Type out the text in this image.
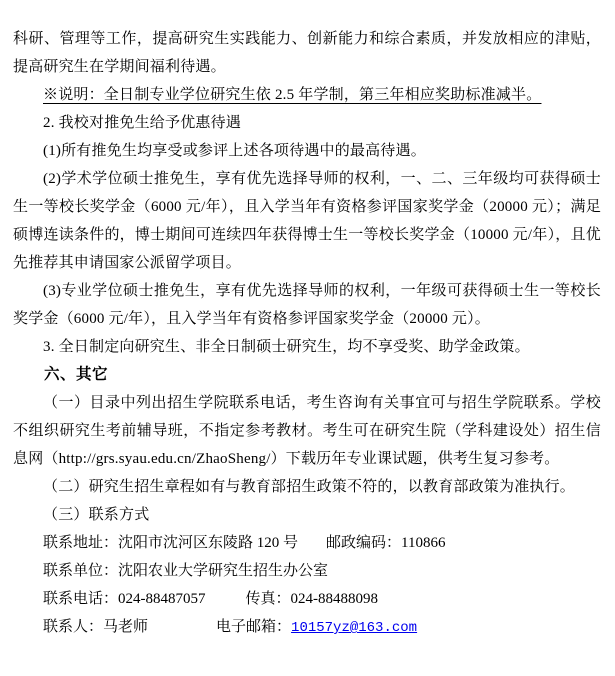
科研、管理等工作，提高研究生实践能力、创新能力和综合素质，并发放相应的津贴，提高研究生在学期间福利待遇。

※说明：全日制专业学位研究生依 2.5 年学制，第三年相应奖助标准减半。

2. 我校对推免生给予优惠待遇

(1)所有推免生均享受或参评上述各项待遇中的最高待遇。

(2)学术学位硕士推免生，享有优先选择导师的权利，一、二、三年级均可获得硕士生一等校长奖学金（6000 元/年），且入学当年有资格参评国家奖学金（20000 元）；满足硕博连读条件的，博士期间可连续四年获得博士生一等校长奖学金（10000 元/年），且优先推荐其申请国家公派留学项目。

(3)专业学位硕士推免生，享有优先选择导师的权利，一年级可获得硕士生一等校长奖学金（6000 元/年），且入学当年有资格参评国家奖学金（20000 元）。

3. 全日制定向研究生、非全日制硕士研究生，均不享受奖、助学金政策。

六、其它

（一）目录中列出招生学院联系电话，考生咨询有关事宜可与招生学院联系。学校不组织研究生考前辅导班，不指定参考教材。考生可在研究生院（学科建设处）招生信息网（http://grs.syau.edu.cn/ZhaoSheng/）下载历年专业课试题，供考生复习参考。

（二）研究生招生章程如有与教育部招生政策不符的，以教育部政策为准执行。

（三）联系方式

联系地址：沈阳市沈河区东陵路 120 号 邮政编码：110866
联系单位：沈阳农业大学研究生招生办公室
联系电话：024-88487057	传真：024-88488098
联系人：马老师	电子邮箱：10157yz@163.com
